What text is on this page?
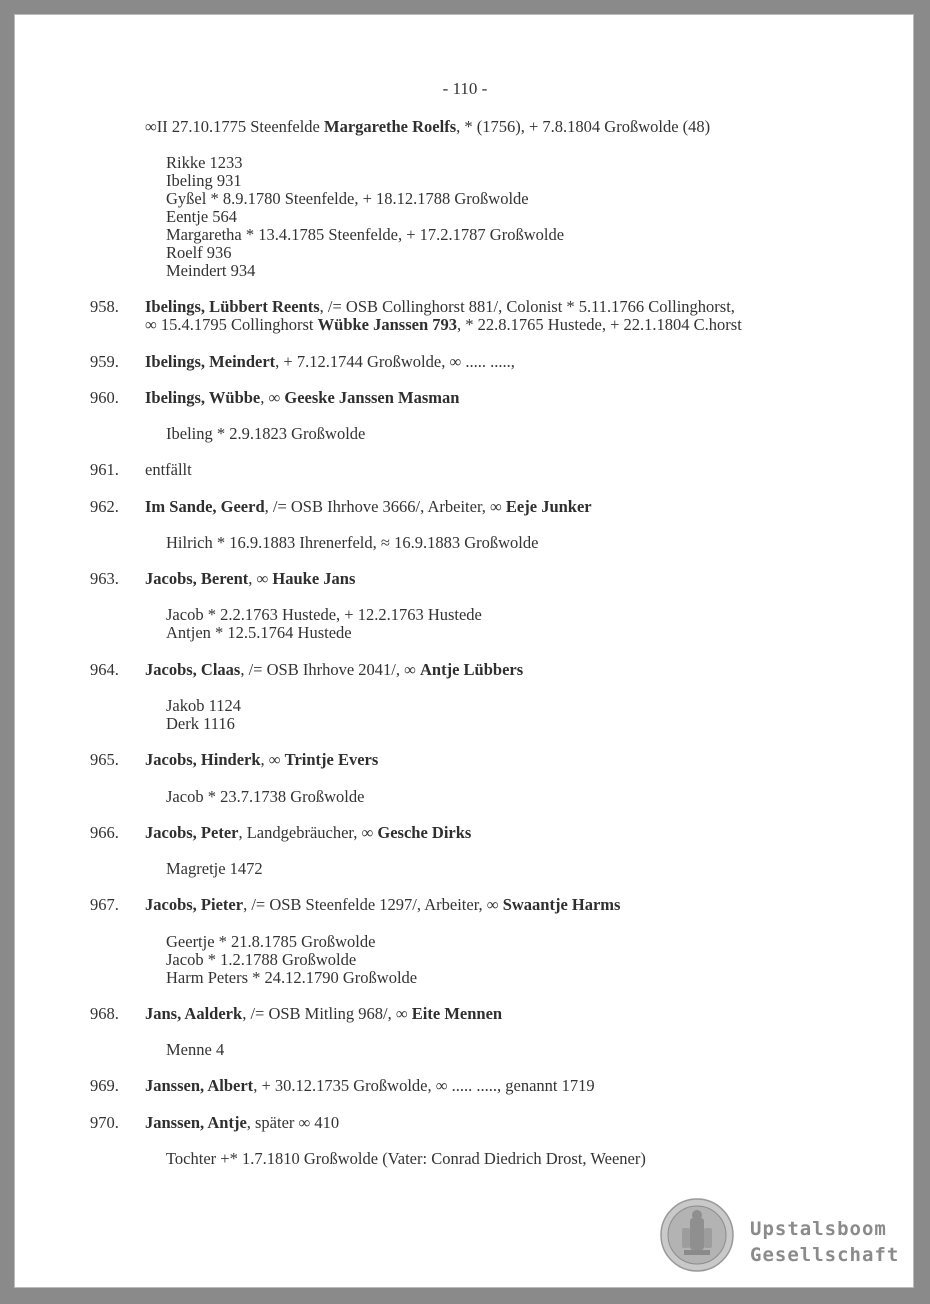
- 110 -
∞II 27.10.1775 Steenfelde Margarethe Roelfs, * (1756), + 7.8.1804 Großwolde (48)
Rikke 1233
Ibeling 931
Gyßel * 8.9.1780 Steenfelde, + 18.12.1788 Großwolde
Eentje 564
Margaretha * 13.4.1785 Steenfelde, + 17.2.1787 Großwolde
Roelf 936
Meindert 934
958. Ibelings, Lübbert Reents, /= OSB Collinghorst 881/, Colonist * 5.11.1766 Collinghorst,
∞ 15.4.1795 Collinghorst Wübke Janssen 793, * 22.8.1765 Hustede, + 22.1.1804 C.horst
959. Ibelings, Meindert, + 7.12.1744 Großwolde, ∞ ..... .....,
960. Ibelings, Wübbe, ∞ Geeske Janssen Masman
Ibeling * 2.9.1823 Großwolde
961. entfällt
962. Im Sande, Geerd, /= OSB Ihrhove 3666/, Arbeiter, ∞ Eeje Junker
Hilrich * 16.9.1883 Ihrenerfeld, ≈ 16.9.1883 Großwolde
963. Jacobs, Berent, ∞ Hauke Jans
Jacob * 2.2.1763 Hustede, + 12.2.1763 Hustede
Antjen * 12.5.1764 Hustede
964. Jacobs, Claas, /= OSB Ihrhove 2041/, ∞ Antje Lübbers
Jakob 1124
Derk 1116
965. Jacobs, Hinderk, ∞ Trintje Evers
Jacob * 23.7.1738 Großwolde
966. Jacobs, Peter, Landgebräucher, ∞ Gesche Dirks
Magretje 1472
967. Jacobs, Pieter, /= OSB Steenfelde 1297/, Arbeiter, ∞ Swaantje Harms
Geertje * 21.8.1785 Großwolde
Jacob * 1.2.1788 Großwolde
Harm Peters * 24.12.1790 Großwolde
968. Jans, Aalderk, /= OSB Mitling 968/, ∞ Eite Mennen
Menne 4
969. Janssen, Albert, + 30.12.1735 Großwolde, ∞ ..... ....., genannt 1719
970. Janssen, Antje, später ∞ 410
Tochter +* 1.7.1810 Großwolde (Vater: Conrad Diedrich Drost, Weener)
Upstalsboom
Gesellschaft
